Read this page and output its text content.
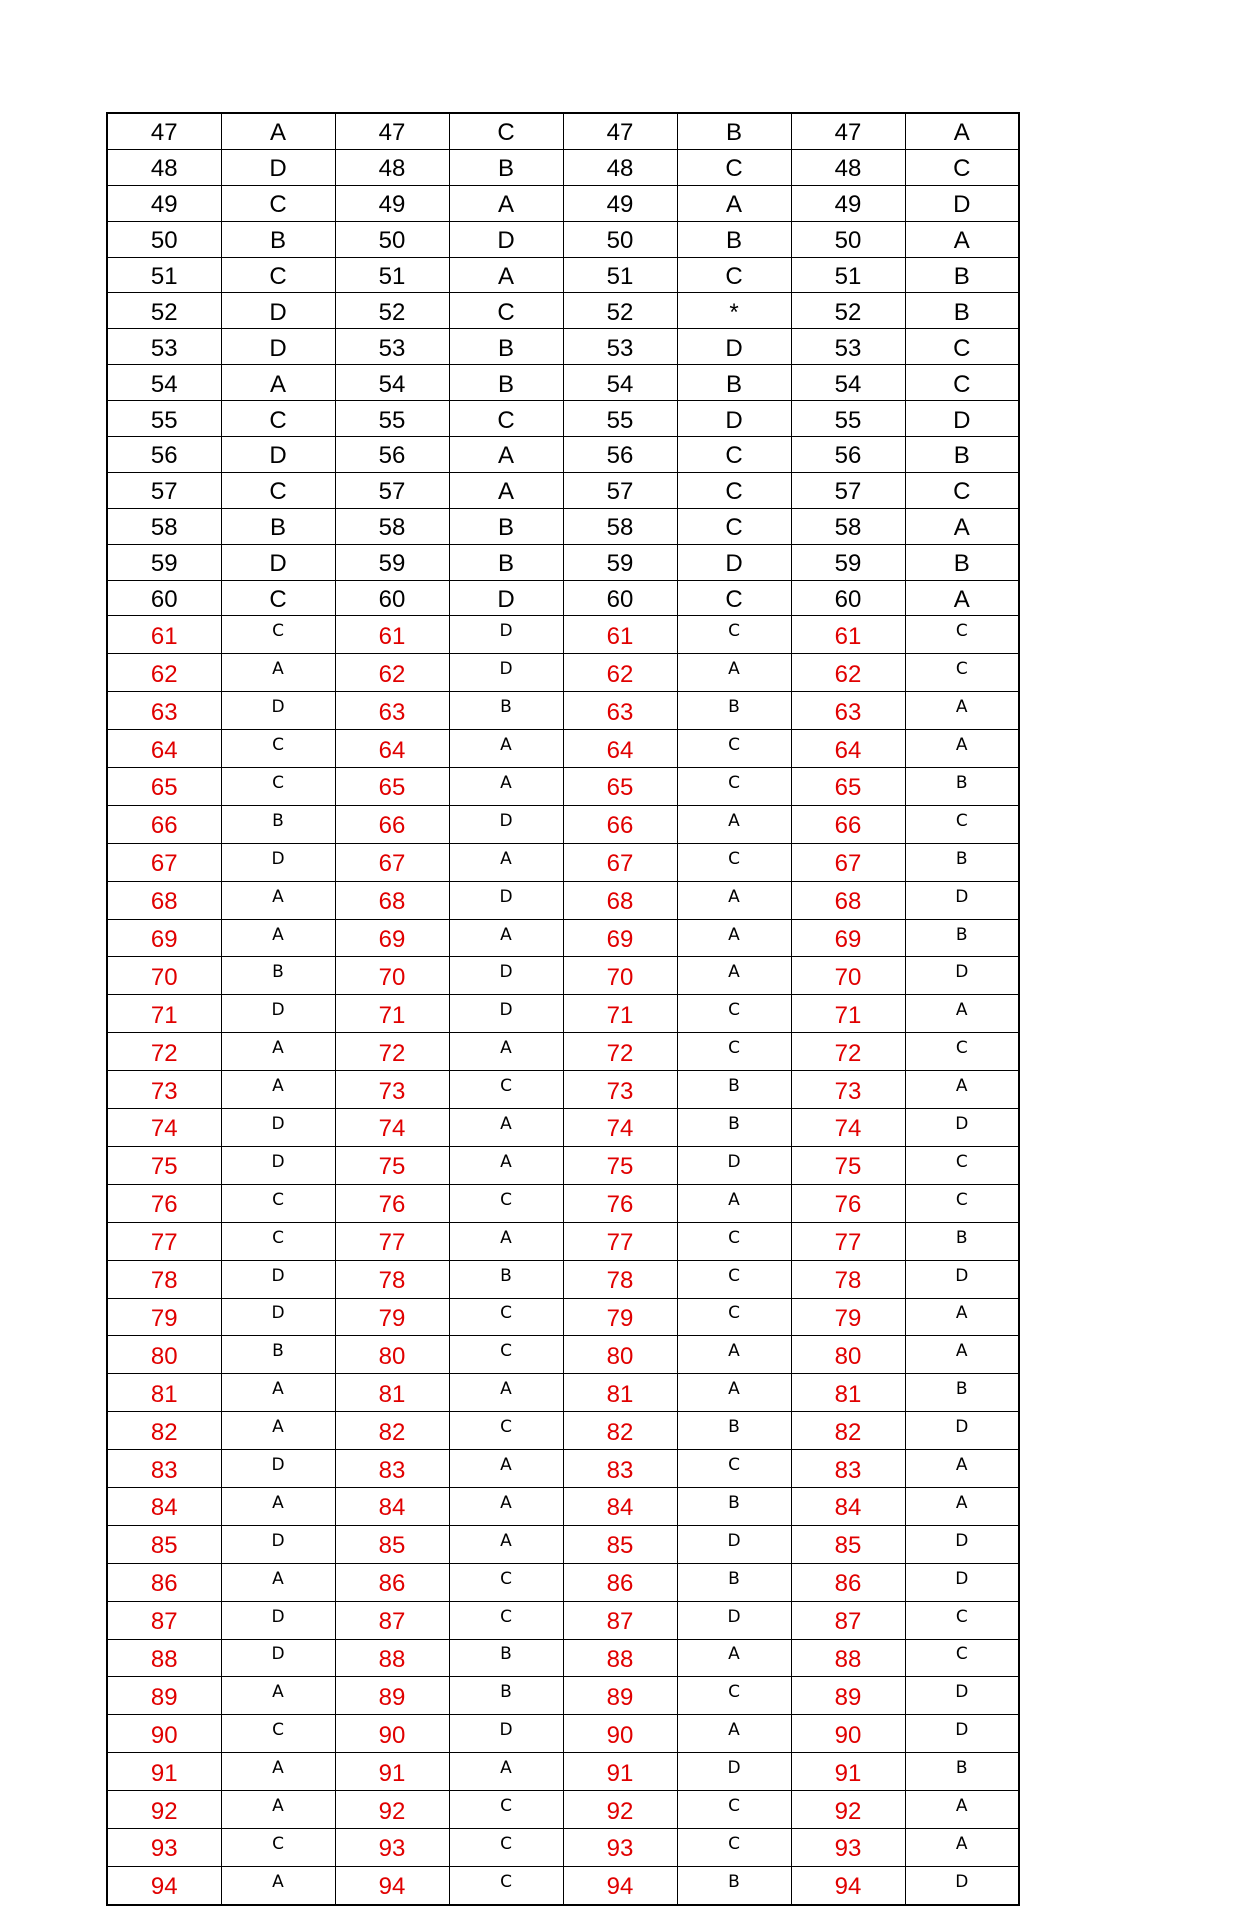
47	A	47	C	47	B	47	A
48	D	48	B	48	C	48	C
49	C	49	A	49	A	49	D
50	B	50	D	50	B	50	A
51	C	51	A	51	C	51	B
52	D	52	C	52	*	52	B
53	D	53	B	53	D	53	C
54	A	54	B	54	B	54	C
55	C	55	C	55	D	55	D
56	D	56	A	56	C	56	B
57	C	57	A	57	C	57	C
58	B	58	B	58	C	58	A
59	D	59	B	59	D	59	B
60	C	60	D	60	C	60	A
61	C	61	D	61	C	61	C
62	A	62	D	62	A	62	C
63	D	63	B	63	B	63	A
64	C	64	A	64	C	64	A
65	C	65	A	65	C	65	B
66	B	66	D	66	A	66	C
67	D	67	A	67	C	67	B
68	A	68	D	68	A	68	D
69	A	69	A	69	A	69	B
70	B	70	D	70	A	70	D
71	D	71	D	71	C	71	A
72	A	72	A	72	C	72	C
73	A	73	C	73	B	73	A
74	D	74	A	74	B	74	D
75	D	75	A	75	D	75	C
76	C	76	C	76	A	76	C
77	C	77	A	77	C	77	B
78	D	78	B	78	C	78	D
79	D	79	C	79	C	79	A
80	B	80	C	80	A	80	A
81	A	81	A	81	A	81	B
82	A	82	C	82	B	82	D
83	D	83	A	83	C	83	A
84	A	84	A	84	B	84	A
85	D	85	A	85	D	85	D
86	A	86	C	86	B	86	D
87	D	87	C	87	D	87	C
88	D	88	B	88	A	88	C
89	A	89	B	89	C	89	D
90	C	90	D	90	A	90	D
91	A	91	A	91	D	91	B
92	A	92	C	92	C	92	A
93	C	93	C	93	C	93	A
94	A	94	C	94	B	94	D
